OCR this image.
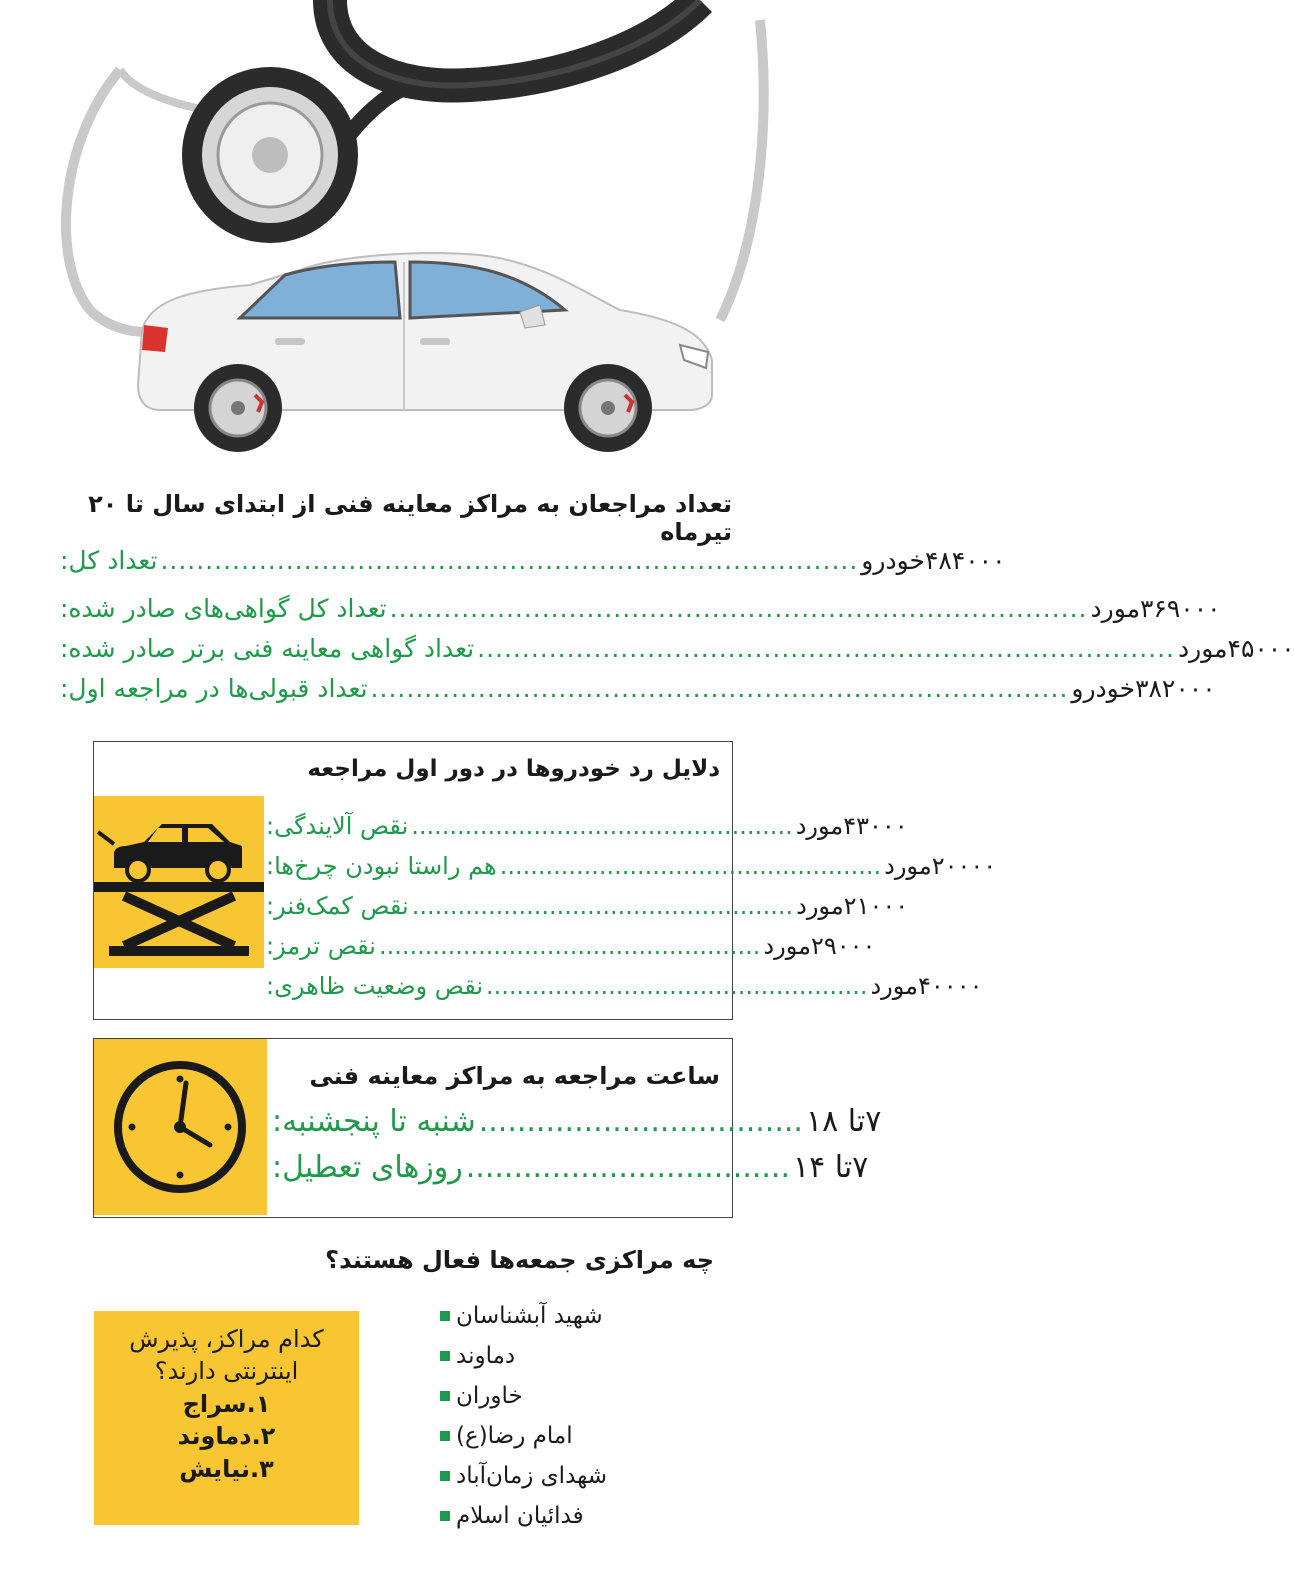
تعداد مراجعان به مراکز معاینه فنی از ابتدای سال تا ۲۰ تیرماه
تعداد کل: .............................................................................. ۴۸۴۰۰۰خودرو
تعداد کل گواهی‌های صادر شده: .............................................................................. ۳۶۹۰۰۰مورد
تعداد گواهی معاینه فنی برتر صادر شده: .............................................................................. ۴۵۰۰۰مورد
تعداد قبولی‌ها در مراجعه اول: .............................................................................. ۳۸۲۰۰۰خودرو
دلایل رد خودروها در دور اول مراجعه
نقص آلایندگی: .................................................. ۴۳۰۰۰مورد
هم راستا نبودن چرخ‌ها: .................................................. ۲۰۰۰۰مورد
نقص کمک‌فنر: .................................................. ۲۱۰۰۰مورد
نقص ترمز: .................................................. ۲۹۰۰۰مورد
نقص وضعیت ظاهری: .................................................. ۴۰۰۰۰مورد
ساعت مراجعه به مراکز معاینه فنی
شنبه تا پنجشنبه: .................................. ۷تا ۱۸
روزهای تعطیل: .................................. ۷تا ۱۴
چه مراکزی جمعه‌ها فعال هستند؟
شهید آبشناسان
دماوند
خاوران
امام رضا(ع)
شهدای زمان‌آباد
فدائیان اسلام
کدام مراکز، پذیرش
اینترنتی دارند؟
۱.سراج
۲.دماوند
۳.نیایش
